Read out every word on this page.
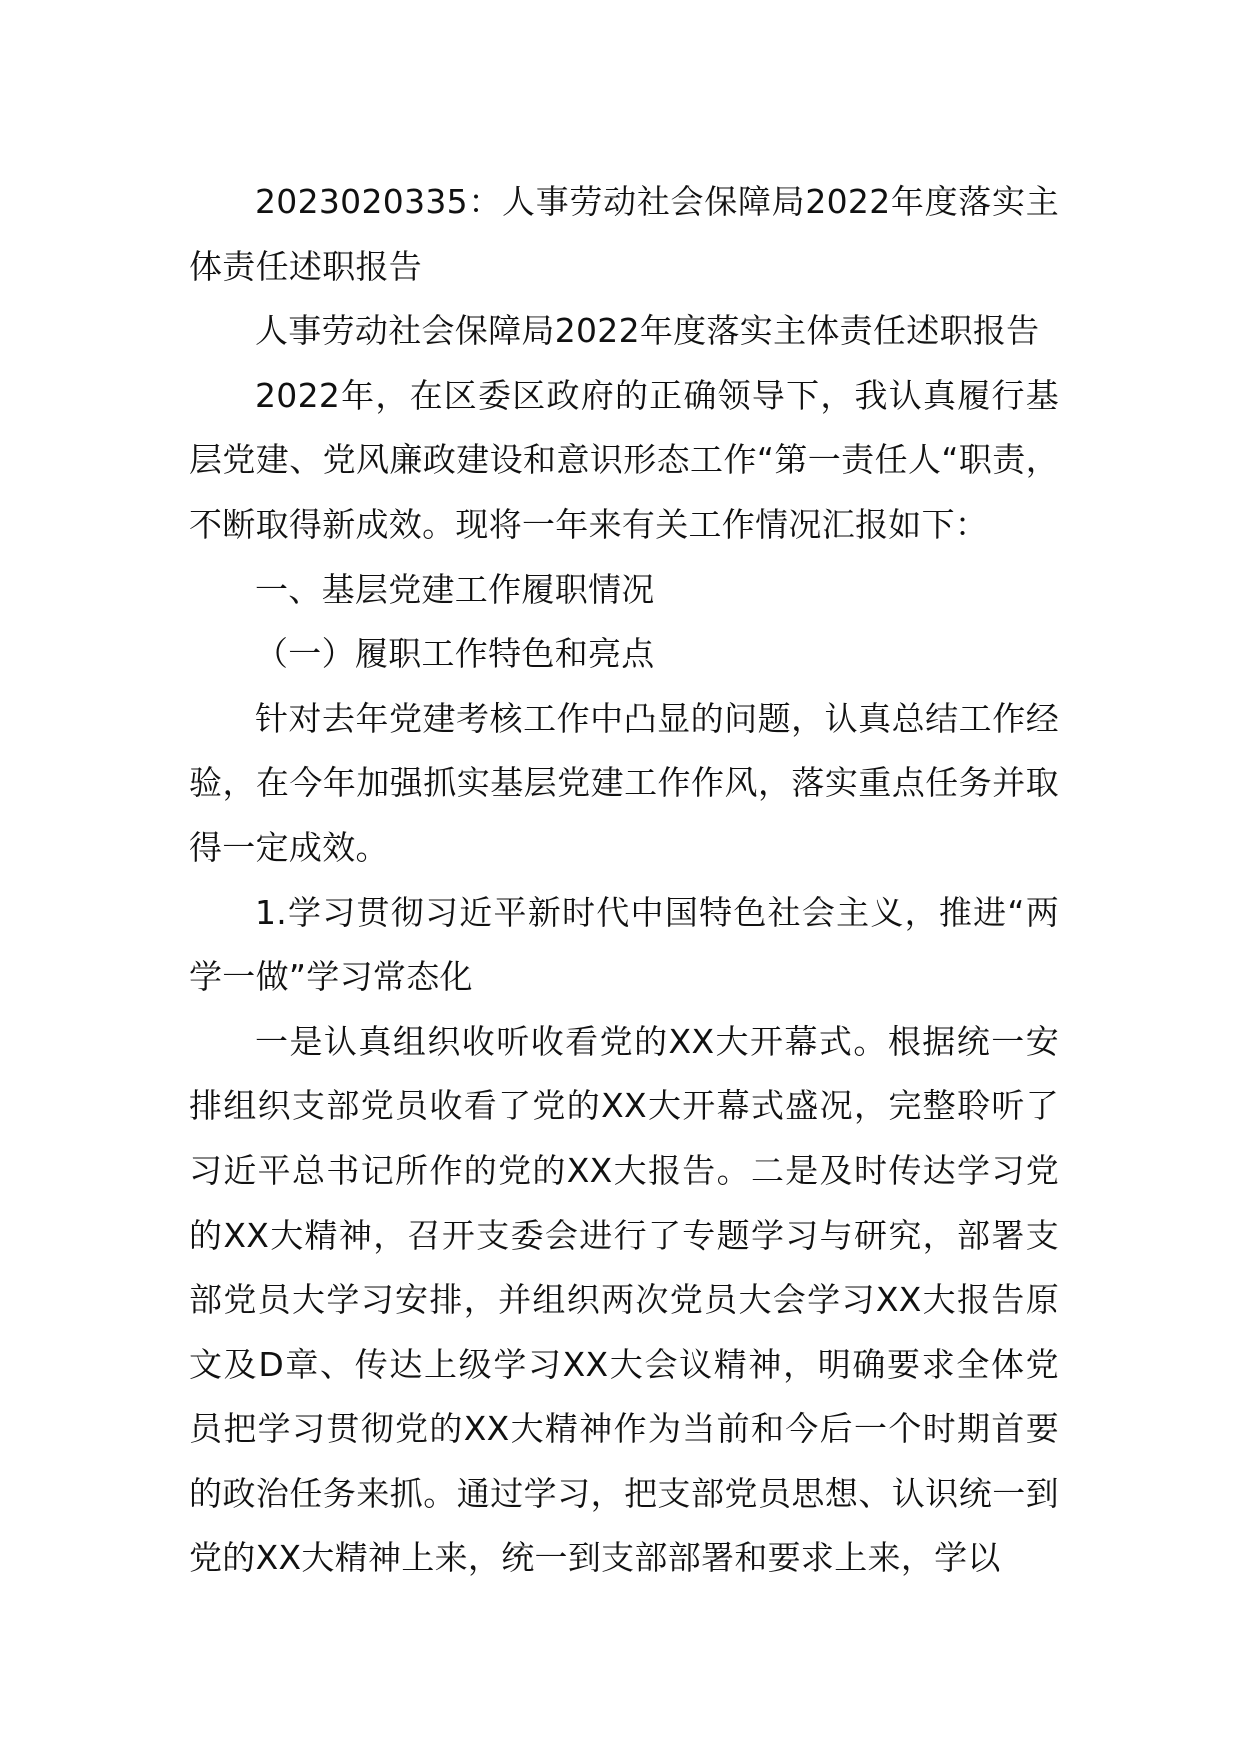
2023020335：人事劳动社会保障局2022年度落实主体责任述职报告

人事劳动社会保障局2022年度落实主体责任述职报告

2022年，在区委区政府的正确领导下，我认真履行基层党建、党风廉政建设和意识形态工作“第一责任人“职责，不断取得新成效。现将一年来有关工作情况汇报如下：

一、基层党建工作履职情况

（一）履职工作特色和亮点

针对去年党建考核工作中凸显的问题，认真总结工作经验，在今年加强抓实基层党建工作作风，落实重点任务并取得一定成效。

1.学习贯彻习近平新时代中国特色社会主义，推进“两学一做”学习常态化

一是认真组织收听收看党的XX大开幕式。根据统一安排组织支部党员收看了党的XX大开幕式盛况，完整聆听了习近平总书记所作的党的XX大报告。二是及时传达学习党的XX大精神，召开支委会进行了专题学习与研究，部署支部党员大学习安排，并组织两次党员大会学习XX大报告原文及D章、传达上级学习XX大会议精神，明确要求全体党员把学习贯彻党的XX大精神作为当前和今后一个时期首要的政治任务来抓。通过学习，把支部党员思想、认识统一到党的XX大精神上来，统一到支部部署和要求上来，学以
